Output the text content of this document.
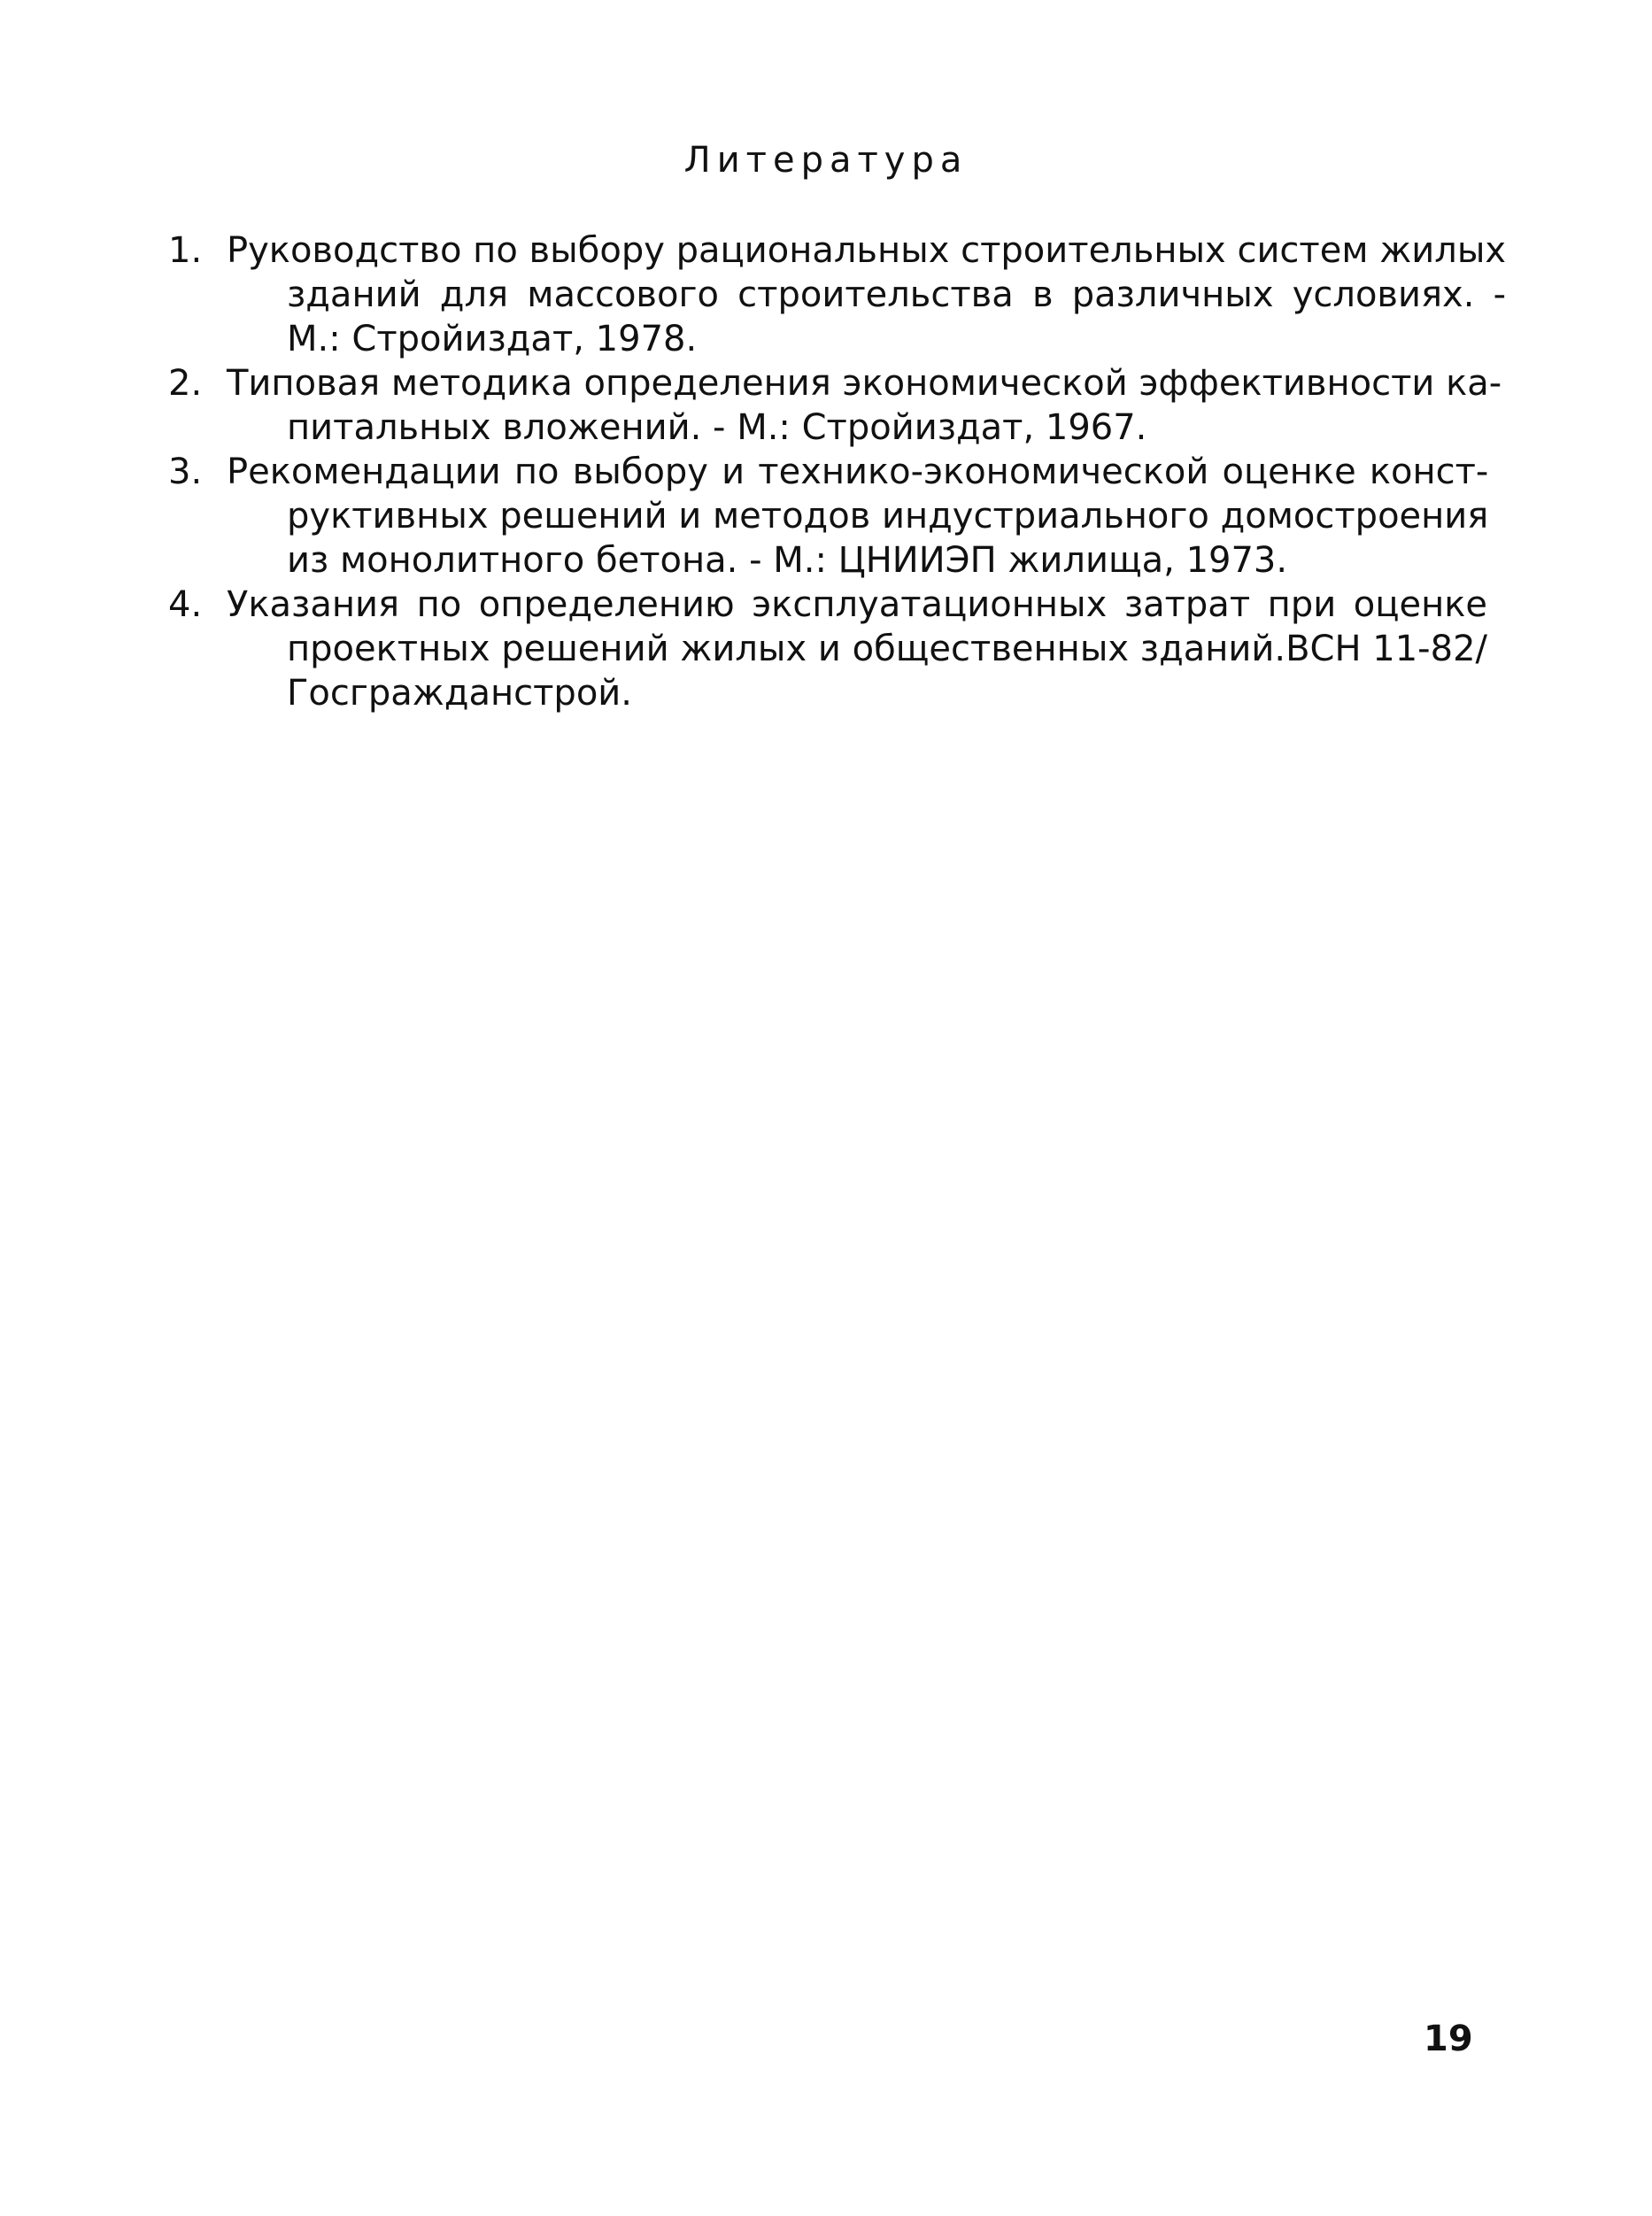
Литература
1. Руководство по выбору рациональных строительных систем жилых
зданий для массового строительства в различных условиях. -
М.: Стройиздат, 1978.
2. Типовая методика определения экономической эффективности ка-
питальных вложений. - М.: Стройиздат, 1967.
3. Рекомендации по выбору и технико-экономической оценке конст-
руктивных решений и методов индустриального домостроения
из монолитного бетона. - М.: ЦНИИЭП жилища, 1973.
4. Указания по определению эксплуатационных затрат при оценке
проектных решений жилых и общественных зданий.ВСН 11-82/
Госгражданстрой.
19
